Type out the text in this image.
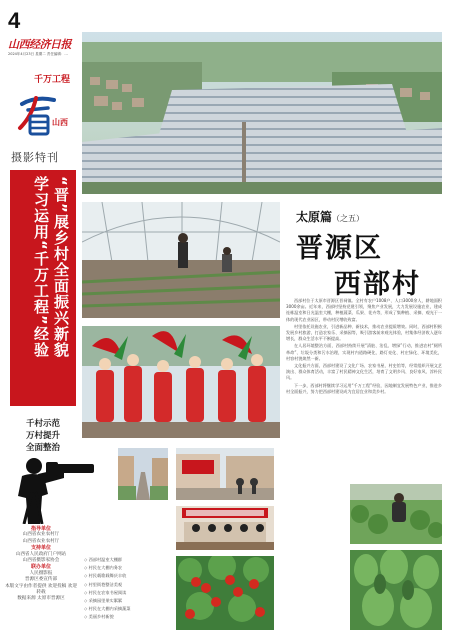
4
山西经济日报
2024年4月23日 星期二 责任编辑：…
千万工程
山西
摄影特刊
“晋”展乡村全面振兴新貌
学习运用“千万工程”经验
千村示范
万村提升
全面整治
指导单位
山西省农业农村厅
山西省农业农村厅
支持单位
山西省人民政府门户网站
山西省摄影家协会
联办单位
人民摄影报
晋源区委宣传部
本版文字由作者提供 欢迎投稿 欢迎转载
数据来源 太原市晋源区
太原篇（之五）
晋源区
西部村

西部村位于太原市晋源区晋祠镇。全村有农户1008户、人口3000余人，耕地面积3000余亩。近年来，西部村坚持党建引领，聚焦产业发展，大力发展设施农业，建成连栋温室和日光温室大棚，种植蔬菜、瓜果、花卉等，形成了集种植、采摘、观光于一体的现代农业园区，带动村民增收致富。

村里依托设施农业，引进新品种、新技术，推动农业提质增效。同时，西部村积极发展乡村旅游，打造农家乐、采摘园等，吸引游客前来观光体验，村集体经济收入逐年增长，群众生活水平不断提高。

在人居环境整治方面，西部村持续开展“清脏、治乱、增绿”行动，推进农村“厕所革命”、垃圾分类和污水治理，实现村内道路硬化、路灯亮化、村庄绿化、环境美化，村容村貌焕然一新。

文化振兴方面，西部村建设了文化广场、农家书屋、村史馆等，经常组织开展文艺演出、群众体育活动，丰富了村民精神文化生活，培育了文明乡风、良好家风、淳朴民风。

下一步，西部村将继续学习运用“千万工程”经验，因地制宜发展特色产业，推进乡村全面振兴，努力把西部村建设成为宜居宜业和美乡村。

◇ 西部村温室大棚群
◇ 村民在大棚内务农
◇ 村民载歌载舞庆丰收
◇ 村里街巷整洁美观
◇ 村民在农家书屋阅读
◇ 采摘园里果实累累
◇ 村民在大棚内采摘蔬菜
◇ 美丽乡村新貌
